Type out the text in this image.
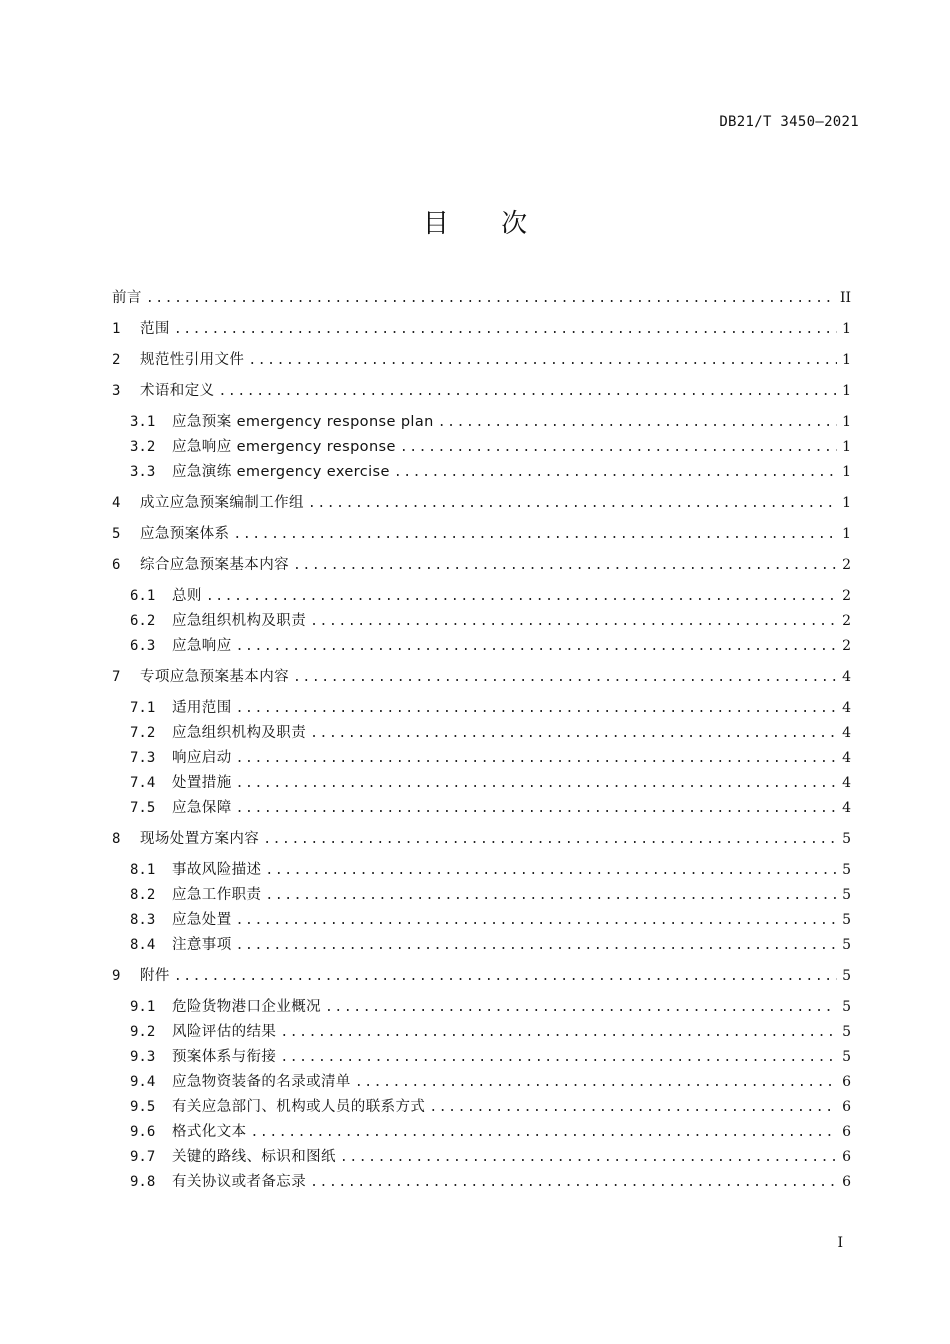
DB21/T 3450—2021
目 次
前言 .....	II
1	范围 .....	1
2	规范性引用文件 .....	1
3	术语和定义 .....	1
3.1	应急预案 emergency response plan .....	1
3.2	应急响应 emergency response .....	1
3.3	应急演练 emergency exercise .....	1
4	成立应急预案编制工作组 .....	1
5	应急预案体系 .....	1
6	综合应急预案基本内容 .....	2
6.1	总则 .....	2
6.2	应急组织机构及职责 .....	2
6.3	应急响应 .....	2
7	专项应急预案基本内容 .....	4
7.1	适用范围 .....	4
7.2	应急组织机构及职责 .....	4
7.3	响应启动 .....	4
7.4	处置措施 .....	4
7.5	应急保障 .....	4
8	现场处置方案内容 .....	5
8.1	事故风险描述 .....	5
8.2	应急工作职责 .....	5
8.3	应急处置 .....	5
8.4	注意事项 .....	5
9	附件 .....	5
9.1	危险货物港口企业概况 .....	5
9.2	风险评估的结果 .....	5
9.3	预案体系与衔接 .....	5
9.4	应急物资装备的名录或清单 .....	6
9.5	有关应急部门、机构或人员的联系方式 .....	6
9.6	格式化文本 .....	6
9.7	关键的路线、标识和图纸 .....	6
9.8	有关协议或者备忘录 .....	6
I
